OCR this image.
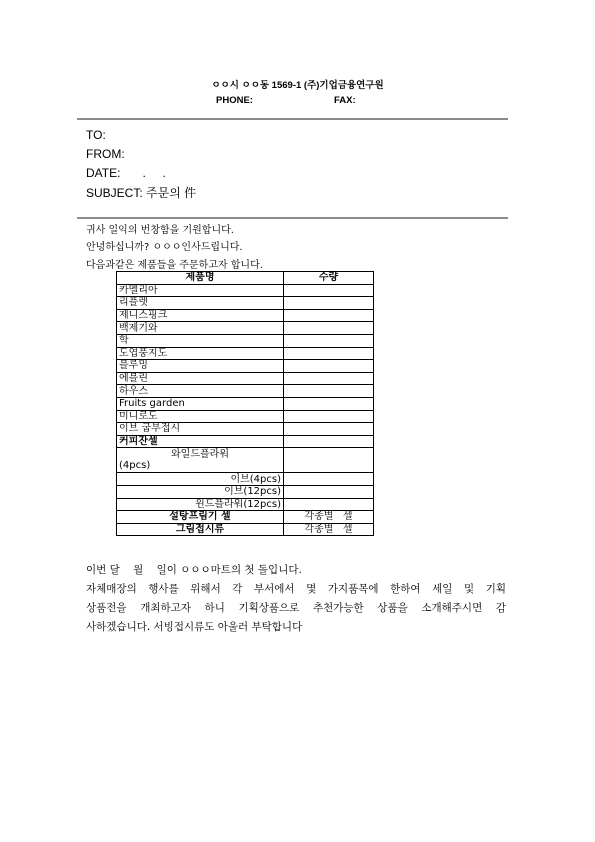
ㅇㅇ시 ㅇㅇ동 1569-1 (주)기업금융연구원
PHONE:	FAX:
TO:
FROM:
DATE: .     .
SUBJECT: 주문의 件
귀사 일익의 번창함을 기원합니다.
안녕하십니까? ㅇㅇㅇ인사드립니다.
다음과같은 제품들을 주문하고자 합니다.
제품명	수량
카멜리아	
리플렛	
제니스핑크	
백제기와	
학	
도엽풍지도	
블루밍	
에블린	
하우스	
Fruits garden	
미니로도	
이브 굽부접시	
커피잔셀	

와일드플라워
(4pcs)	

이브(4pcs)	
이브(12pcs)	
윈드플라워(12pcs)	
설탕프림기 셀	각종별   셀
그림접시류	각종별   셀
이번 달    월    일이 ㅇㅇㅇ마트의 첫 돌입니다.
자체매장의 행사를 위해서 각 부서에서 몇 가지품목에 한하여 세일 및 기획
상품전을 개최하고자 하니 기획상품으로 추천가능한 상품을 소개해주시면 감
사하겠습니다. 서빙접시류도 아울러 부탁합니다
